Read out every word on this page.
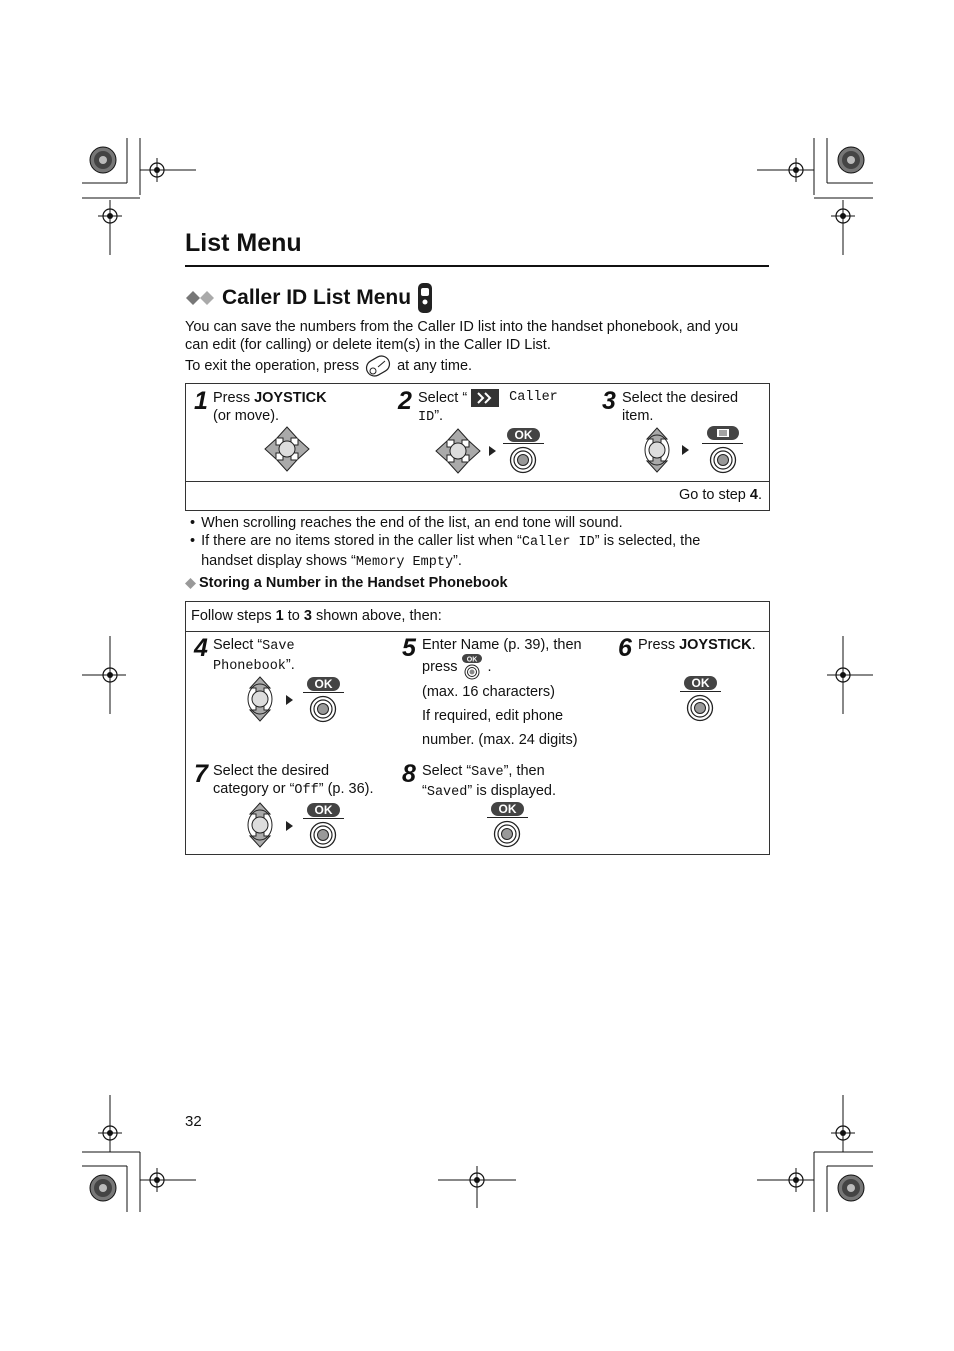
List Menu
Caller ID List Menu
You can save the numbers from the Caller ID list into the handset phonebook, and you
can edit (for calling) or delete item(s) in the Caller ID List.
To exit the operation, press	at any time.
1 Press JOYSTICK
(or move).
2 Select “	Caller
ID”.
OK
3 Select the desired
item.
Go to step 4.
• When scrolling reaches the end of the list, an end tone will sound.
• If there are no items stored in the caller list when “Caller ID” is selected, the
handset display shows “Memory Empty”.
Storing a Number in the Handset Phonebook
Follow steps 1 to 3 shown above, then:
4 Select “Save
Phonebook”.
OK
5 Enter Name (p. 39), then
press OK .
(max. 16 characters)
If required, edit phone
number. (max. 24 digits)
6 Press JOYSTICK.
OK
7 Select the desired
category or “Off” (p. 36).
OK
8 Select “Save”, then
“Saved” is displayed.
OK
32
